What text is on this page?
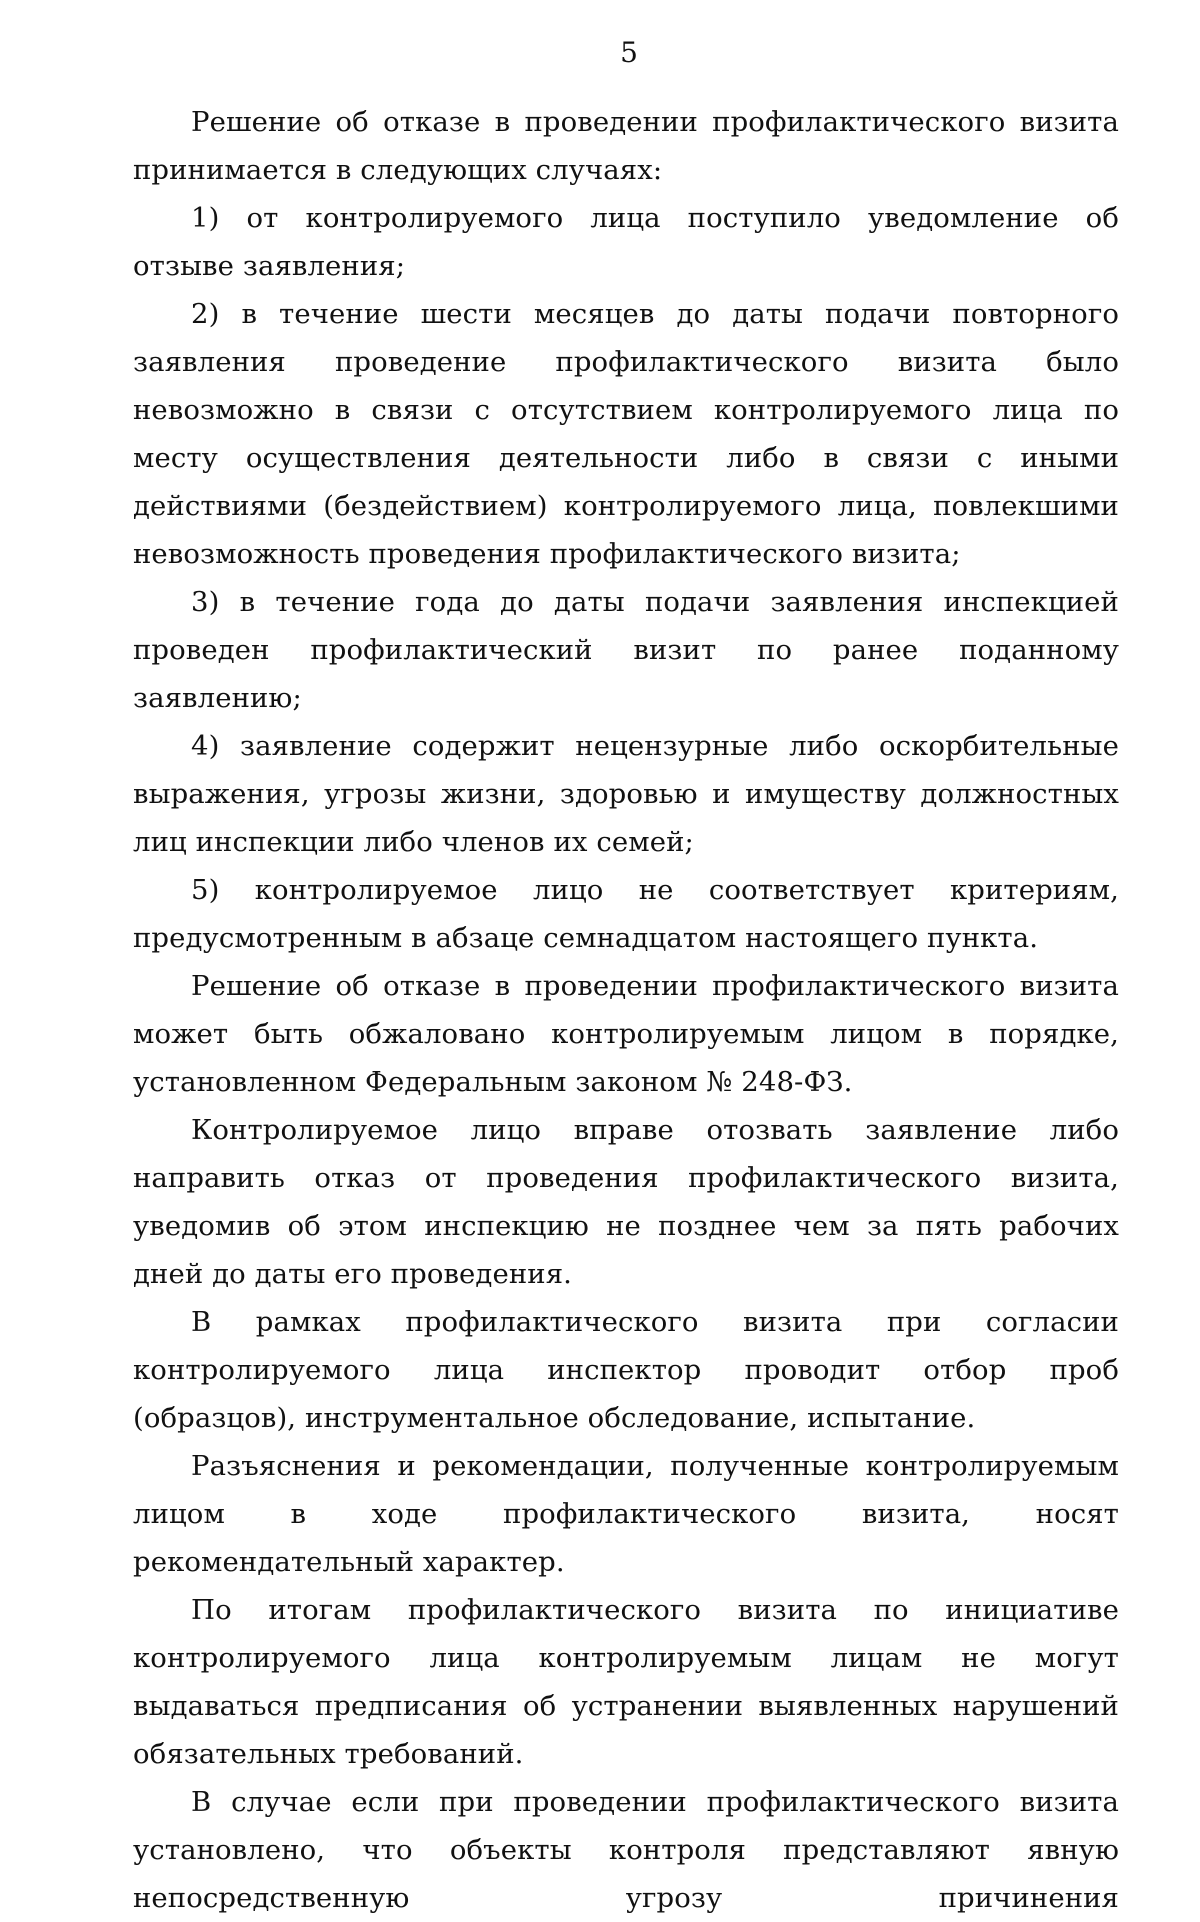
5

Решение об отказе в проведении профилактического визита принимается в следующих случаях:

1) от контролируемого лица поступило уведомление об отзыве заявления;

2) в течение шести месяцев до даты подачи повторного заявления проведение профилактического визита было невозможно в связи с отсутствием контролируемого лица по месту осуществления деятельности либо в связи с иными действиями (бездействием) контролируемого лица, повлекшими невозможность проведения профилактического визита;

3) в течение года до даты подачи заявления инспекцией проведен профилактический визит по ранее поданному заявлению;

4) заявление содержит нецензурные либо оскорбительные выражения, угрозы жизни, здоровью и имуществу должностных лиц инспекции либо членов их семей;

5) контролируемое лицо не соответствует критериям, предусмотренным в абзаце семнадцатом настоящего пункта.

Решение об отказе в проведении профилактического визита может быть обжаловано контролируемым лицом в порядке, установленном Федеральным законом № 248-ФЗ.

Контролируемое лицо вправе отозвать заявление либо направить отказ от проведения профилактического визита, уведомив об этом инспекцию не позднее чем за пять рабочих дней до даты его проведения.

В рамках профилактического визита при согласии контролируемого лица инспектор проводит отбор проб (образцов), инструментальное обследование, испытание.

Разъяснения и рекомендации, полученные контролируемым лицом в ходе профилактического визита, носят рекомендательный характер.

По итогам профилактического визита по инициативе контролируемого лица контролируемым лицам не могут выдаваться предписания об устранении выявленных нарушений обязательных требований.

В случае если при проведении профилактического визита установлено, что объекты контроля представляют явную непосредственную угрозу причинения
